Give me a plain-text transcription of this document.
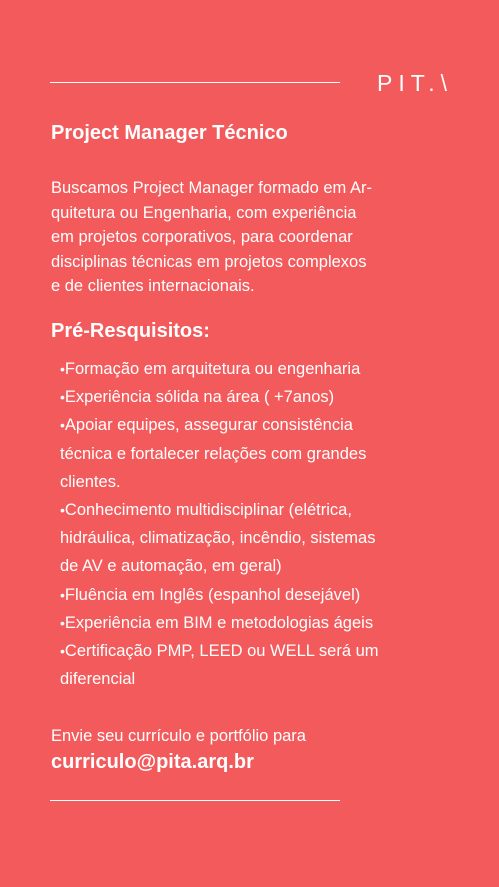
PIT.\
Project Manager Técnico

Buscamos Project Manager formado em Ar-
quitetura ou Engenharia, com experiência
em projetos corporativos, para coordenar
disciplinas técnicas em projetos complexos
e de clientes internacionais.

Pré-Resquisitos:
•Formação em arquitetura ou engenharia
•Experiência sólida na área ( +7anos)
•Apoiar equipes, assegurar consistência
técnica e fortalecer relações com grandes
clientes.
•Conhecimento multidisciplinar (elétrica,
hidráulica, climatização, incêndio, sistemas
de AV e automação, em geral)
•Fluência em Inglês (espanhol desejável)
•Experiência em BIM e metodologias ágeis
•Certificação PMP, LEED ou WELL será um
diferencial

Envie seu currículo e portfólio para

curriculo@pita.arq.br
